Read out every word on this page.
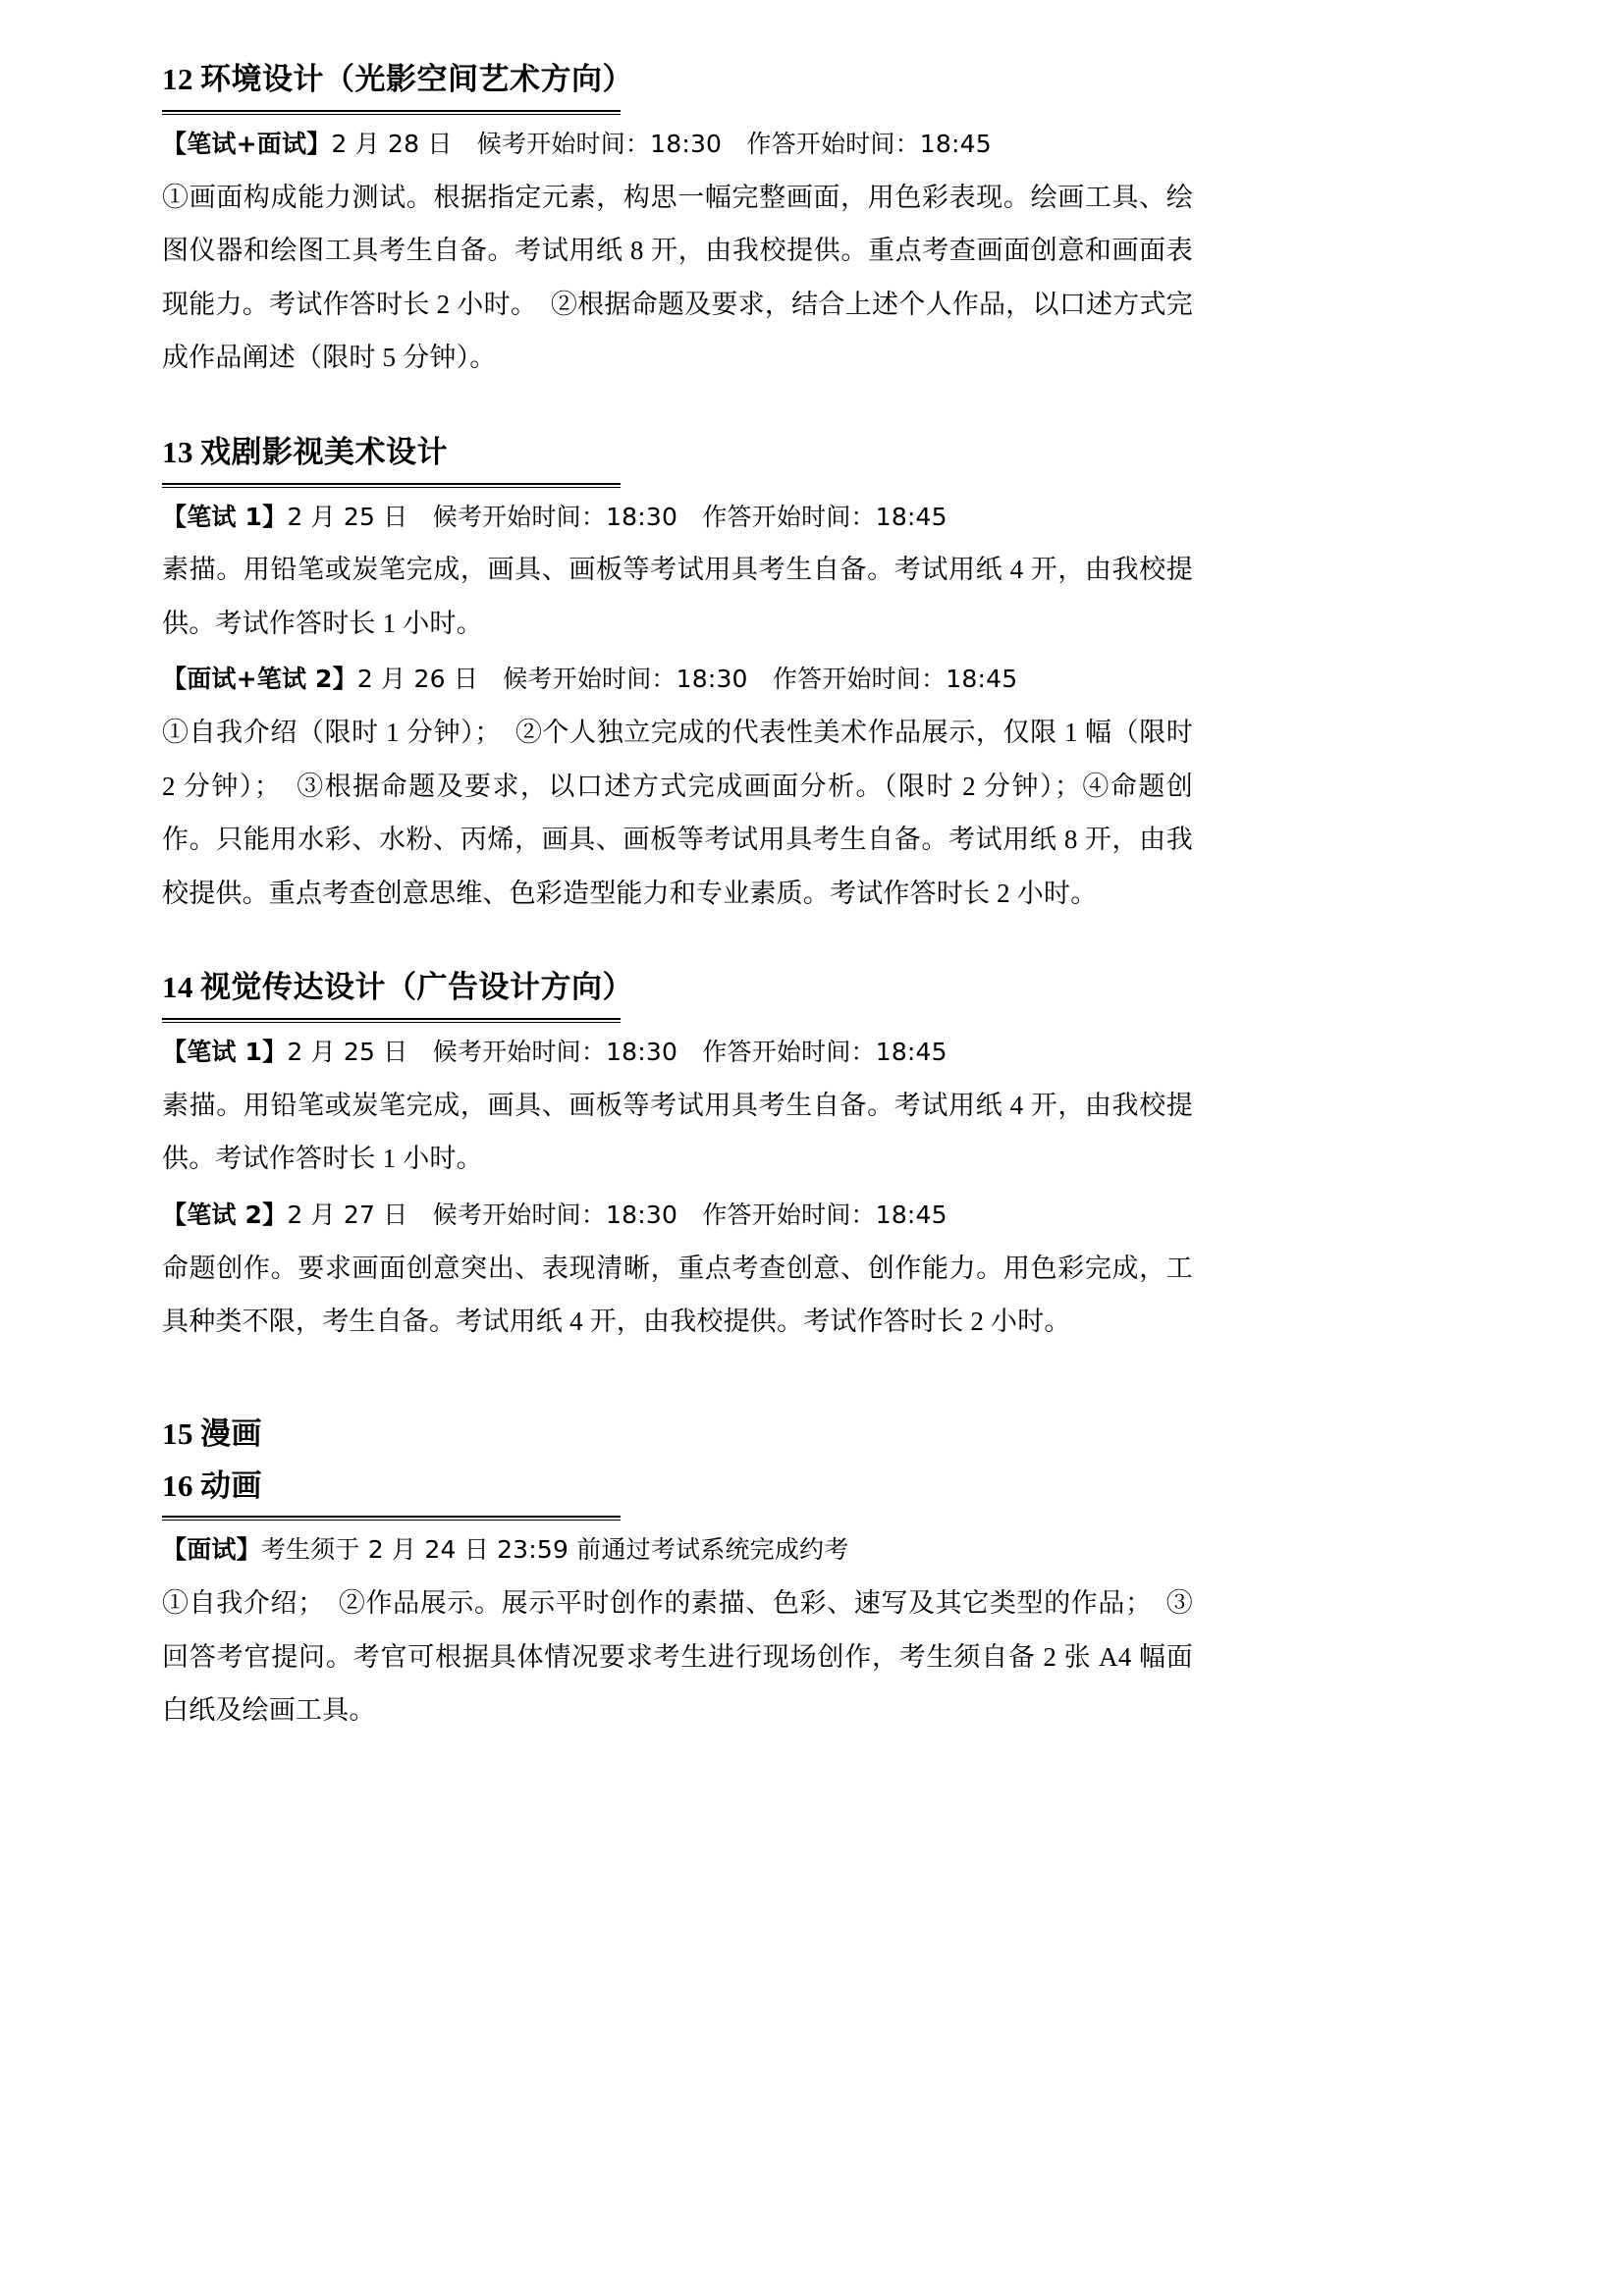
12 环境设计（光影空间艺术方向）
【笔试+面试】2 月 28 日　候考开始时间：18:30　作答开始时间：18:45
①画面构成能力测试。根据指定元素，构思一幅完整画面，用色彩表现。绘画工具、绘图仪器和绘图工具考生自备。考试用纸 8 开，由我校提供。重点考查画面创意和画面表现能力。考试作答时长 2 小时。　②根据命题及要求，结合上述个人作品，以口述方式完成作品阐述（限时 5 分钟）。
13 戏剧影视美术设计
【笔试 1】2 月 25 日　候考开始时间：18:30　作答开始时间：18:45
素描。用铅笔或炭笔完成，画具、画板等考试用具考生自备。考试用纸 4 开，由我校提供。考试作答时长 1 小时。
【面试+笔试 2】2 月 26 日　候考开始时间：18:30　作答开始时间：18:45
①自我介绍（限时 1 分钟）；　②个人独立完成的代表性美术作品展示，仅限 1 幅（限时 2 分钟）；　③根据命题及要求，以口述方式完成画面分析。（限时 2 分钟）；④命题创作。只能用水彩、水粉、丙烯，画具、画板等考试用具考生自备。考试用纸 8 开，由我校提供。重点考查创意思维、色彩造型能力和专业素质。考试作答时长 2 小时。
14 视觉传达设计（广告设计方向）
【笔试 1】2 月 25 日　候考开始时间：18:30　作答开始时间：18:45
素描。用铅笔或炭笔完成，画具、画板等考试用具考生自备。考试用纸 4 开，由我校提供。考试作答时长 1 小时。
【笔试 2】2 月 27 日　候考开始时间：18:30　作答开始时间：18:45
命题创作。要求画面创意突出、表现清晰，重点考查创意、创作能力。用色彩完成，工具种类不限，考生自备。考试用纸 4 开，由我校提供。考试作答时长 2 小时。
15 漫画
16 动画
【面试】考生须于 2 月 24 日 23:59 前通过考试系统完成约考
①自我介绍；　②作品展示。展示平时创作的素描、色彩、速写及其它类型的作品；　③回答考官提问。考官可根据具体情况要求考生进行现场创作，考生须自备 2 张 A4 幅面白纸及绘画工具。
